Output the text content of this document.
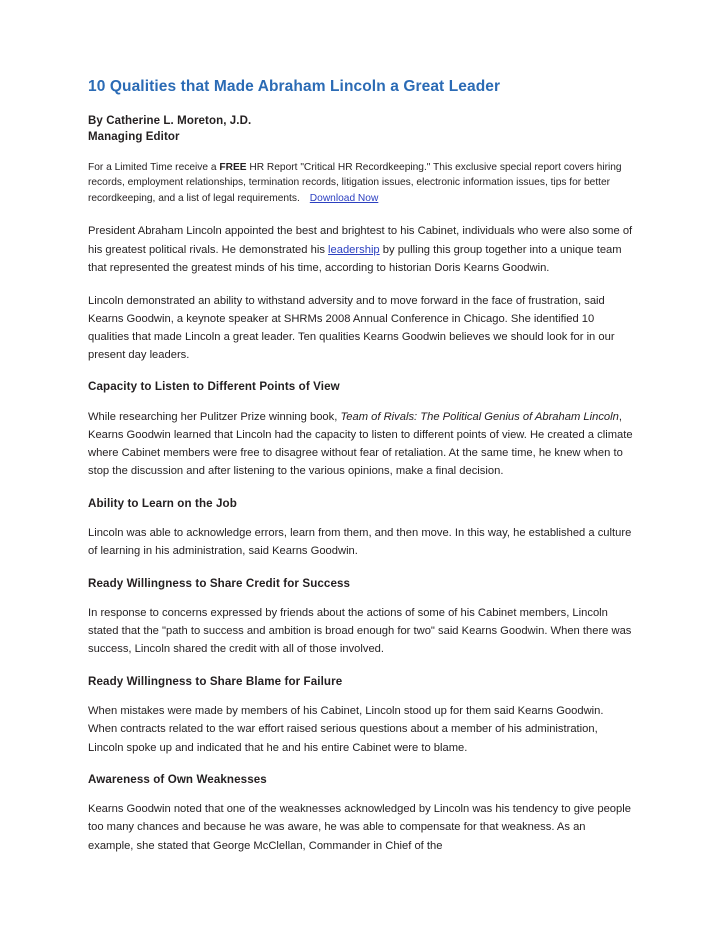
10 Qualities that Made Abraham Lincoln a Great Leader
By Catherine L. Moreton, J.D.
Managing Editor
For a Limited Time receive a FREE HR Report "Critical HR Recordkeeping." This exclusive special report covers hiring records, employment relationships, termination records, litigation issues, electronic information issues, tips for better recordkeeping, and a list of legal requirements. Download Now

President Abraham Lincoln appointed the best and brightest to his Cabinet, individuals who were also some of his greatest political rivals. He demonstrated his leadership by pulling this group together into a unique team that represented the greatest minds of his time, according to historian Doris Kearns Goodwin.

Lincoln demonstrated an ability to withstand adversity and to move forward in the face of frustration, said Kearns Goodwin, a keynote speaker at SHRMs 2008 Annual Conference in Chicago. She identified 10 qualities that made Lincoln a great leader. Ten qualities Kearns Goodwin believes we should look for in our present day leaders.

Capacity to Listen to Different Points of View

While researching her Pulitzer Prize winning book, Team of Rivals: The Political Genius of Abraham Lincoln, Kearns Goodwin learned that Lincoln had the capacity to listen to different points of view. He created a climate where Cabinet members were free to disagree without fear of retaliation. At the same time, he knew when to stop the discussion and after listening to the various opinions, make a final decision.

Ability to Learn on the Job

Lincoln was able to acknowledge errors, learn from them, and then move. In this way, he established a culture of learning in his administration, said Kearns Goodwin.

Ready Willingness to Share Credit for Success

In response to concerns expressed by friends about the actions of some of his Cabinet members, Lincoln stated that the "path to success and ambition is broad enough for two" said Kearns Goodwin. When there was success, Lincoln shared the credit with all of those involved.

Ready Willingness to Share Blame for Failure

When mistakes were made by members of his Cabinet, Lincoln stood up for them said Kearns Goodwin. When contracts related to the war effort raised serious questions about a member of his administration, Lincoln spoke up and indicated that he and his entire Cabinet were to blame.

Awareness of Own Weaknesses

Kearns Goodwin noted that one of the weaknesses acknowledged by Lincoln was his tendency to give people too many chances and because he was aware, he was able to compensate for that weakness. As an example, she stated that George McClellan, Commander in Chief of the
